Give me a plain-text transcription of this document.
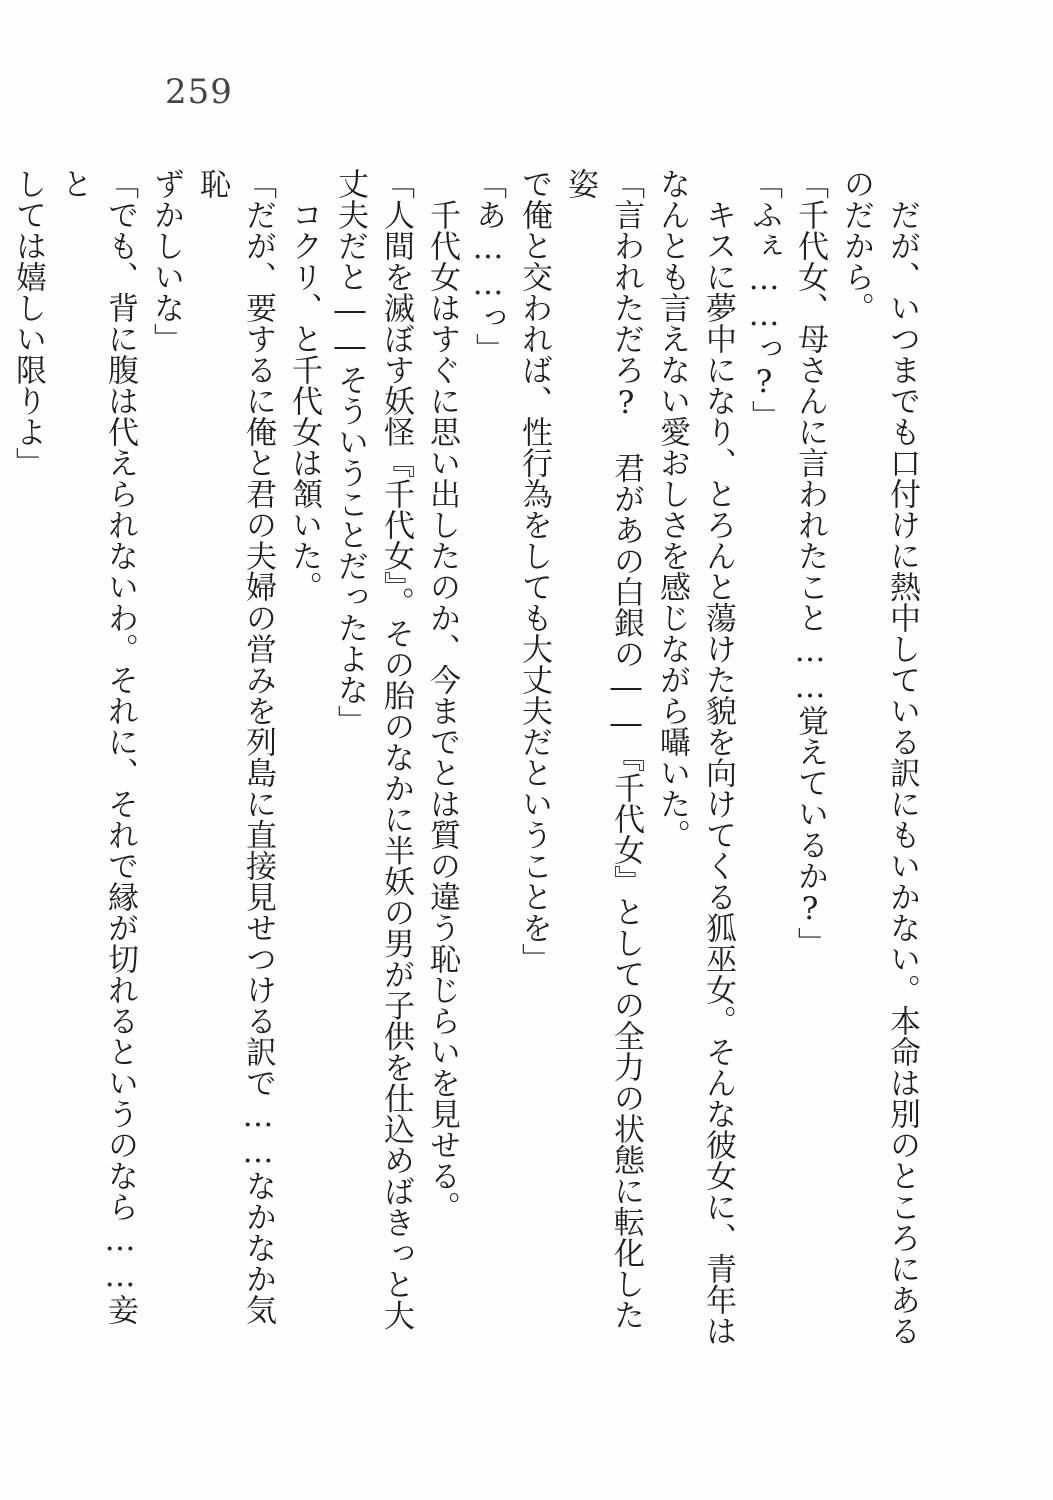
259

だが、いつまでも口付けに熱中している訳にもいかない。本命は別のところにある

のだから。

「千代女、母さんに言われたこと……覚えているか?」

「ふぇ……っ?」

キスに夢中になり、とろんと蕩けた貌を向けてくる狐巫女。そんな彼女に、青年は

なんとも言えない愛おしさを感じながら囁いた。

「言われただろ?　君があの白銀の――『千代女』としての全力の状態に転化した姿

で俺と交われば、性行為をしても大丈夫だということを」

「あ……っ」

千代女はすぐに思い出したのか、今までとは質の違う恥じらいを見せる。

「人間を滅ぼす妖怪『千代女』。その胎のなかに半妖の男が子供を仕込めばきっと大

丈夫だと――そういうことだったよな」

コクリ、と千代女は頷いた。

「だが、要するに俺と君の夫婦の営みを列島に直接見せつける訳で……なかなか気恥

ずかしいな」

「でも、背に腹は代えられないわ。それに、それで縁が切れるというのなら……妾と

しては嬉しい限りよ」
